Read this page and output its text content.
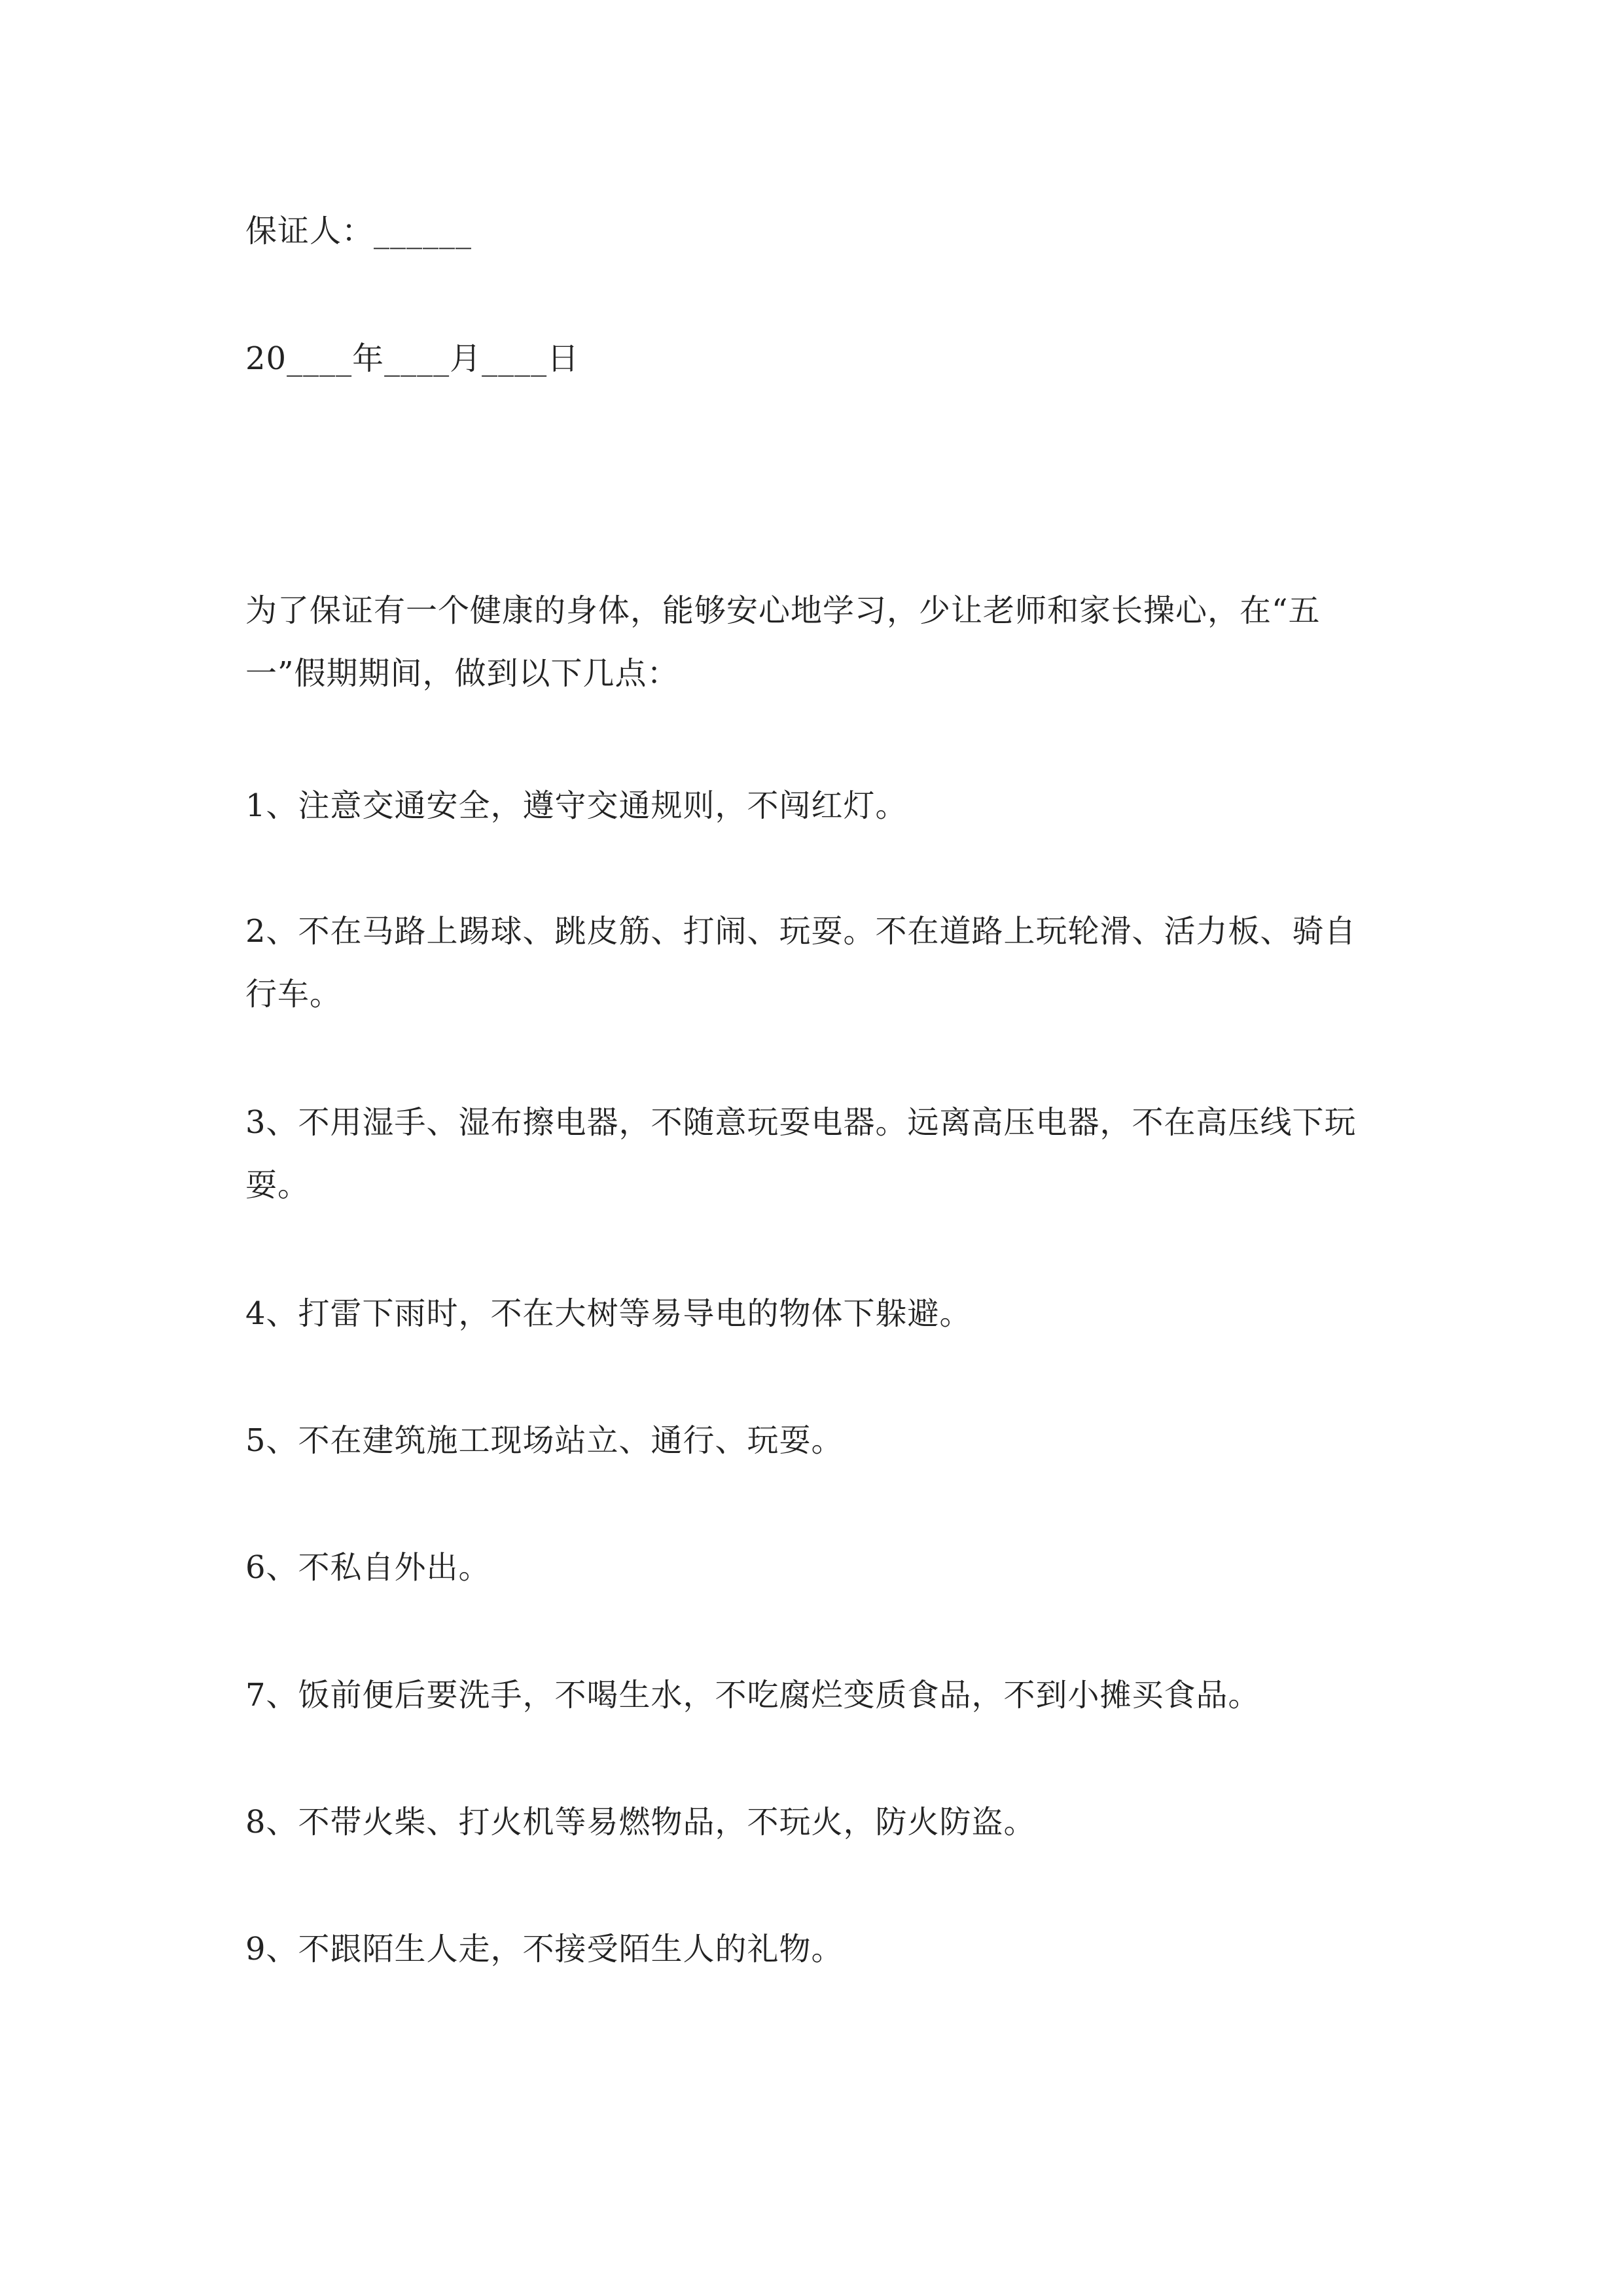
保证人：______
20____年____月____日
为了保证有一个健康的身体，能够安心地学习，少让老师和家长操心，在“五一”假期期间，做到以下几点：
1、注意交通安全，遵守交通规则，不闯红灯。
2、不在马路上踢球、跳皮筋、打闹、玩耍。不在道路上玩轮滑、活力板、骑自行车。
3、不用湿手、湿布擦电器，不随意玩耍电器。远离高压电器，不在高压线下玩耍。
4、打雷下雨时，不在大树等易导电的物体下躲避。
5、不在建筑施工现场站立、通行、玩耍。
6、不私自外出。
7、饭前便后要洗手，不喝生水，不吃腐烂变质食品，不到小摊买食品。
8、不带火柴、打火机等易燃物品，不玩火，防火防盗。
9、不跟陌生人走，不接受陌生人的礼物。
